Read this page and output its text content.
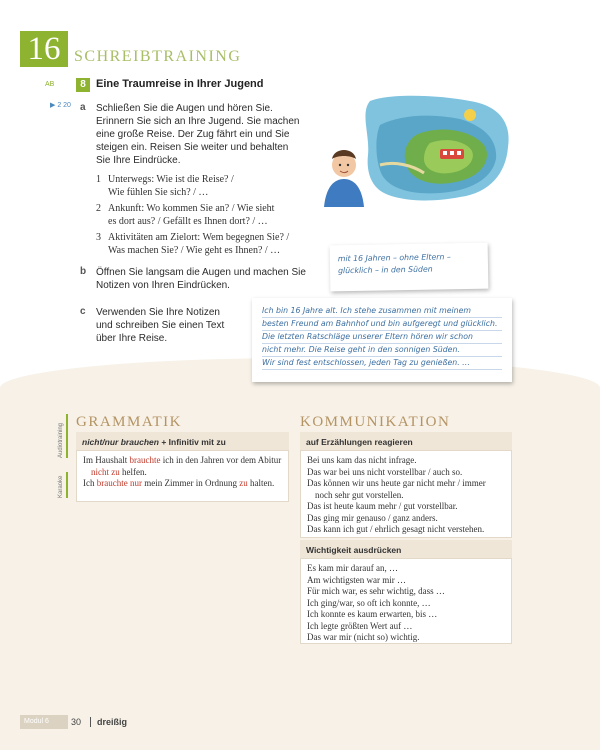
16 SCHREIBTRAINING
AB	8 Eine Traumreise in Ihrer Jugend
▶ 2 20 a Schließen Sie die Augen und hören Sie.
Erinnern Sie sich an Ihre Jugend. Sie machen
eine große Reise. Der Zug fährt ein und Sie
steigen ein. Reisen Sie weiter und behalten
Sie Ihre Eindrücke.
1 Unterwegs: Wie ist die Reise? /
Wie fühlen Sie sich? / …
2 Ankunft: Wo kommen Sie an? / Wie sieht
es dort aus? / Gefällt es Ihnen dort? / …
3 Aktivitäten am Zielort: Wem begegnen Sie? /
Was machen Sie? / Wie geht es Ihnen? / …
b Öffnen Sie langsam die Augen und machen Sie
Notizen von Ihren Eindrücken.
c Verwenden Sie Ihre Notizen
und schreiben Sie einen Text
über Ihre Reise.
mit 16 Jahren – ohne Eltern –
glücklich – in den Süden
Ich bin 16 Jahre alt. Ich stehe zusammen mit meinem
besten Freund am Bahnhof und bin aufgeregt und glücklich.
Die letzten Ratschläge unserer Eltern hören wir schon
nicht mehr. Die Reise geht in den sonnigen Süden.
Wir sind fest entschlossen, jeden Tag zu genießen. …
Audiotraining
Karaoke
GRAMMATIK
nicht/nur brauchen + Infinitiv mit zu
Im Haushalt brauchte ich in den Jahren vor dem Abitur nicht zu helfen.
Ich brauchte nur mein Zimmer in Ordnung zu halten.
KOMMUNIKATION
auf Erzählungen reagieren
Bei uns kam das nicht infrage.
Das war bei uns nicht vorstellbar / auch so.
Das können wir uns heute gar nicht mehr / immer noch sehr gut vorstellen.
Das ist heute kaum mehr / gut vorstellbar.
Das ging mir genauso / ganz anders.
Das kann ich gut / ehrlich gesagt nicht verstehen.
Wichtigkeit ausdrücken
Es kam mir darauf an, …
Am wichtigsten war mir …
Für mich war, es sehr wichtig, dass …
Ich ging/war, so oft ich konnte, …
Ich konnte es kaum erwarten, bis …
Ich legte größten Wert auf …
Das war mir (nicht so) wichtig.
Modul 6	30 dreißig
